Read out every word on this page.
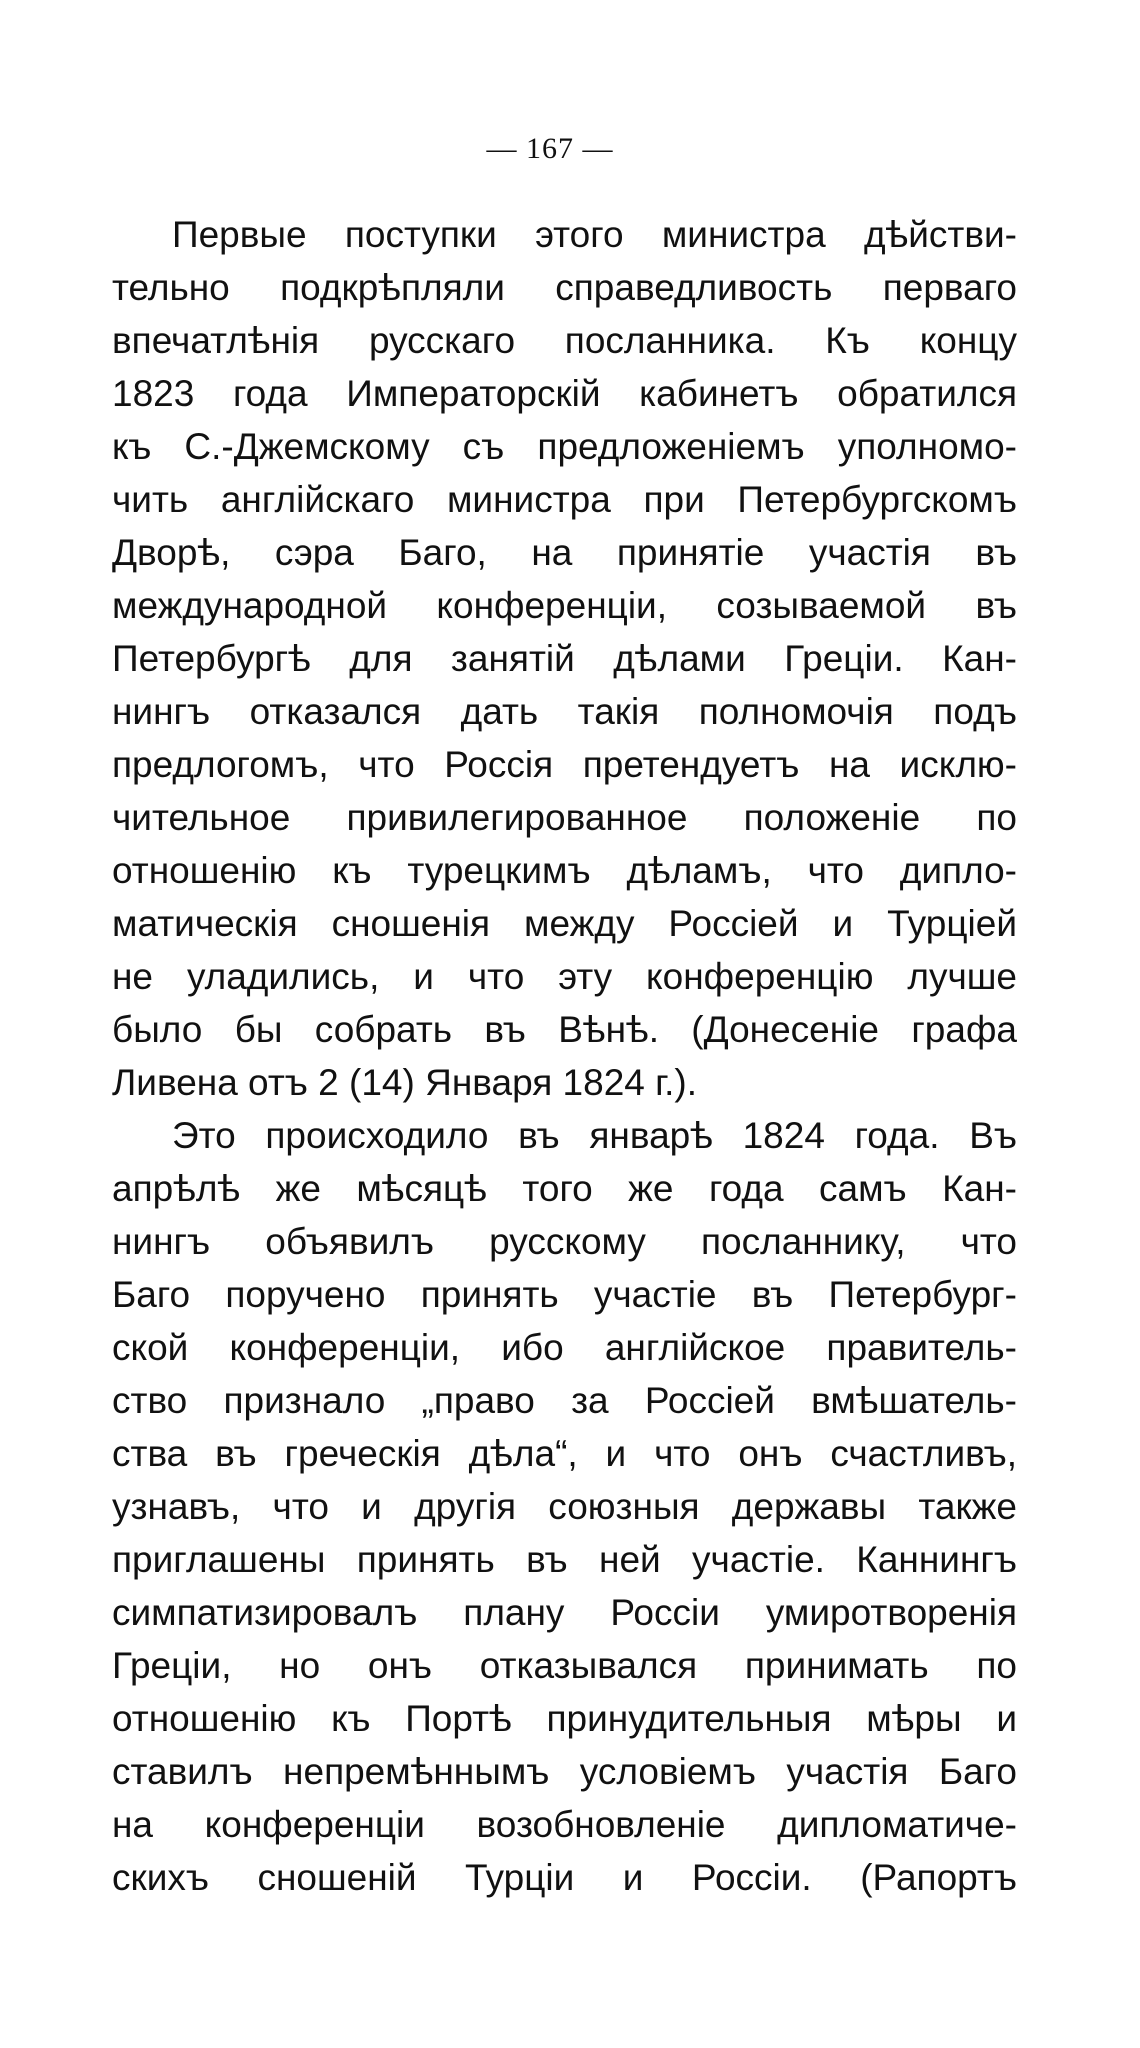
— 167 —
Первые поступки этого министра дѣйстви-
тельно подкрѣпляли справедливость перваго
впечатлѣнія русскаго посланника. Къ концу
1823 года Императорскій кабинетъ обратился
къ С.-Джемскому съ предложеніемъ уполномо-
чить англійскаго министра при Петербургскомъ
Дворѣ, сэра Баго, на принятіе участія въ
международной конференціи, созываемой въ
Петербургѣ для занятій дѣлами Греціи. Кан-
нингъ отказался дать такія полномочія подъ
предлогомъ, что Россія претендуетъ на исклю-
чительное привилегированное положеніе по
отношенію къ турецкимъ дѣламъ, что дипло-
матическія сношенія между Россіей и Турціей
не уладились, и что эту конференцію лучше
было бы собрать въ Вѣнѣ. (Донесеніе графа
Ливена отъ 2 (14) Января 1824 г.).
Это происходило въ январѣ 1824 года. Въ
апрѣлѣ же мѣсяцѣ того же года самъ Кан-
нингъ объявилъ русскому посланнику, что
Баго поручено принять участіе въ Петербург-
ской конференціи, ибо англійское правитель-
ство признало „право за Россіей вмѣшатель-
ства въ греческія дѣла“, и что онъ счастливъ,
узнавъ, что и другія союзныя державы также
приглашены принять въ ней участіе. Каннингъ
симпатизировалъ плану Россіи умиротворенія
Греціи, но онъ отказывался принимать по
отношенію къ Портѣ принудительныя мѣры и
ставилъ непремѣннымъ условіемъ участія Баго
на конференціи возобновленіе дипломатиче-
скихъ сношеній Турціи и Россіи. (Рапортъ
